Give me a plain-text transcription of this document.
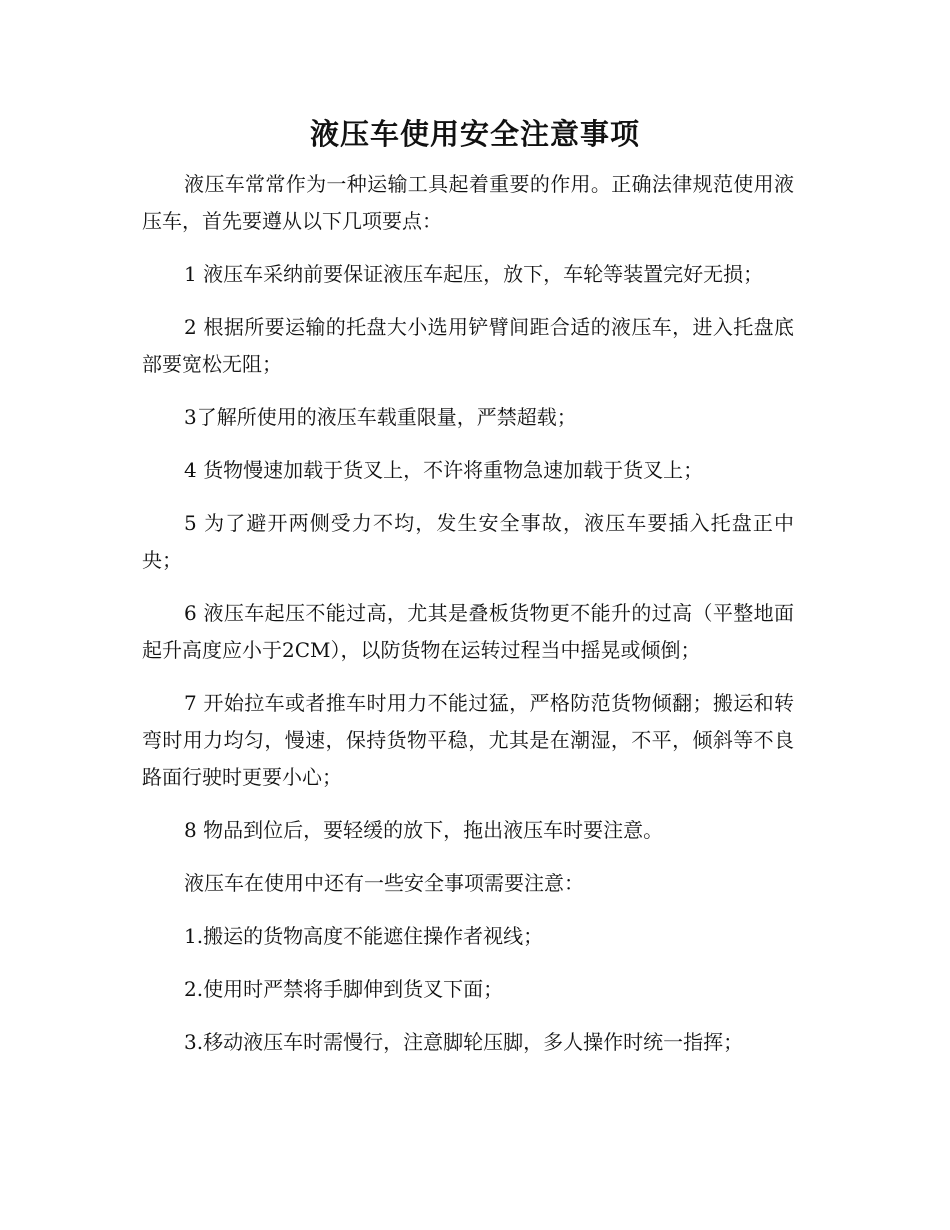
液压车使用安全注意事项

液压车常常作为一种运输工具起着重要的作用。正确法律规范使用液压车，首先要遵从以下几项要点：

1 液压车采纳前要保证液压车起压，放下，车轮等装置完好无损；

2 根据所要运输的托盘大小选用铲臂间距合适的液压车，进入托盘底部要宽松无阻；

3了解所使用的液压车载重限量，严禁超载；

4 货物慢速加载于货叉上，不许将重物急速加载于货叉上；

5 为了避开两侧受力不均，发生安全事故，液压车要插入托盘正中央；

6 液压车起压不能过高，尤其是叠板货物更不能升的过高（平整地面起升高度应小于2CM），以防货物在运转过程当中摇晃或倾倒；

7 开始拉车或者推车时用力不能过猛，严格防范货物倾翻；搬运和转弯时用力均匀，慢速，保持货物平稳，尤其是在潮湿，不平，倾斜等不良路面行驶时更要小心；

8 物品到位后，要轻缓的放下，拖出液压车时要注意。

液压车在使用中还有一些安全事项需要注意：

1.搬运的货物高度不能遮住操作者视线；

2.使用时严禁将手脚伸到货叉下面；

3.移动液压车时需慢行，注意脚轮压脚，多人操作时统一指挥；
